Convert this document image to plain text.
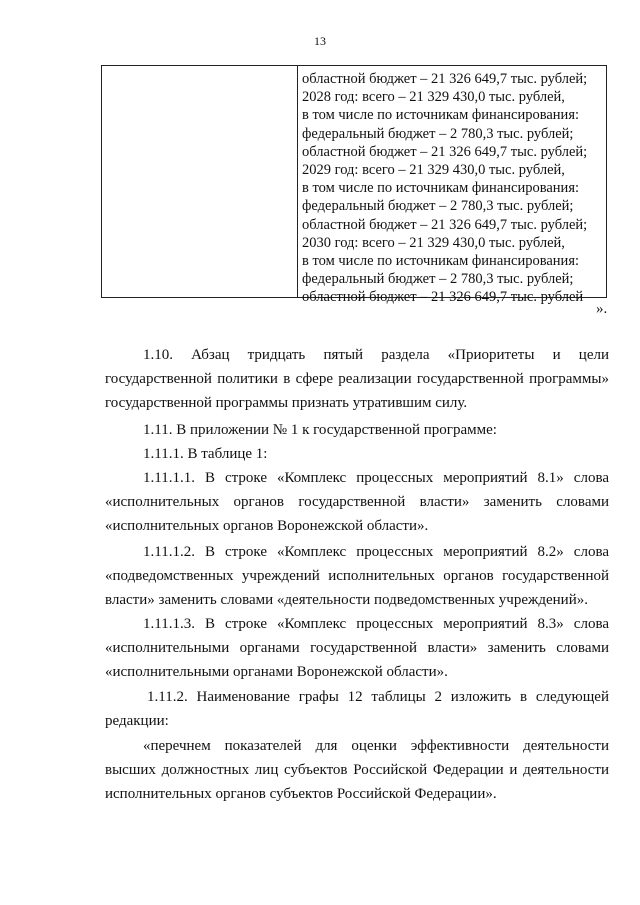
13
областной бюджет – 21 326 649,7 тыс. рублей;
2028 год: всего – 21 329 430,0 тыс. рублей,
в том числе по источникам финансирования:
федеральный бюджет – 2 780,3 тыс. рублей;
областной бюджет – 21 326 649,7 тыс. рублей;
2029 год: всего – 21 329 430,0 тыс. рублей,
в том числе по источникам финансирования:
федеральный бюджет – 2 780,3 тыс. рублей;
областной бюджет – 21 326 649,7 тыс. рублей;
2030 год: всего – 21 329 430,0 тыс. рублей,
в том числе по источникам финансирования:
федеральный бюджет – 2 780,3 тыс. рублей;
областной бюджет – 21 326 649,7 тыс. рублей
».
1.10. Абзац тридцать пятый раздела «Приоритеты и цели
государственной политики в сфере реализации государственной программы»
государственной программы признать утратившим силу.
1.11. В приложении № 1 к государственной программе:
1.11.1. В таблице 1:
1.11.1.1. В строке «Комплекс процессных мероприятий 8.1» слова
«исполнительных органов государственной власти» заменить словами
«исполнительных органов Воронежской области».
1.11.1.2. В строке «Комплекс процессных мероприятий 8.2» слова
«подведомственных учреждений исполнительных органов государственной
власти» заменить словами «деятельности подведомственных учреждений».
1.11.1.3. В строке «Комплекс процессных мероприятий 8.3» слова
«исполнительными органами государственной власти» заменить словами
«исполнительными органами Воронежской области».
1.11.2. Наименование графы 12 таблицы 2 изложить в следующей
редакции:
«перечнем показателей для оценки эффективности деятельности
высших должностных лиц субъектов Российской Федерации и деятельности
исполнительных органов субъектов Российской Федерации».
